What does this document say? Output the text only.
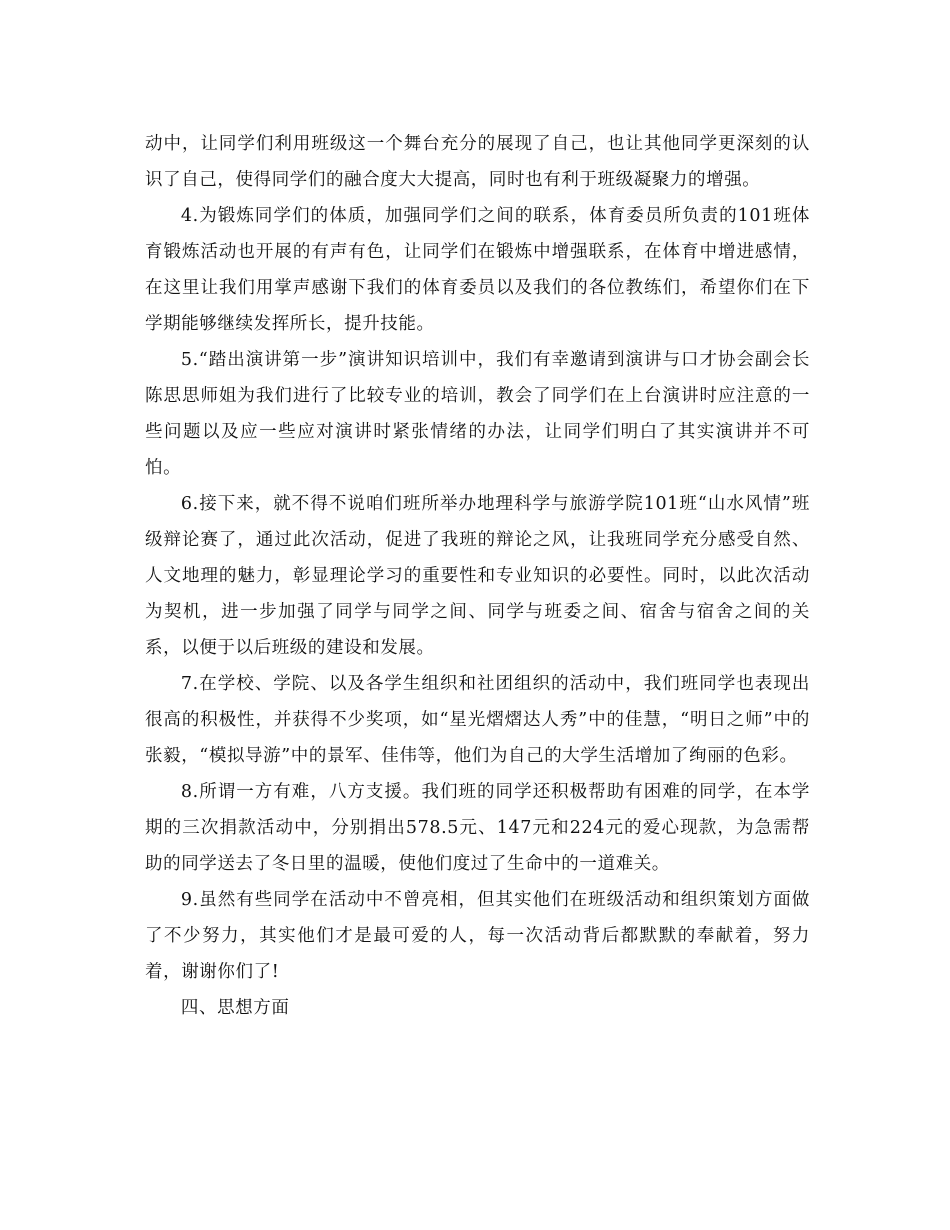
动中，让同学们利用班级这一个舞台充分的展现了自己，也让其他同学更深刻的认识了自己，使得同学们的融合度大大提高，同时也有利于班级凝聚力的增强。

4.为锻炼同学们的体质，加强同学们之间的联系，体育委员所负责的101班体育锻炼活动也开展的有声有色，让同学们在锻炼中增强联系，在体育中增进感情，在这里让我们用掌声感谢下我们的体育委员以及我们的各位教练们，希望你们在下学期能够继续发挥所长，提升技能。

5.“踏出演讲第一步”演讲知识培训中，我们有幸邀请到演讲与口才协会副会长陈思思师姐为我们进行了比较专业的培训，教会了同学们在上台演讲时应注意的一些问题以及应一些应对演讲时紧张情绪的办法，让同学们明白了其实演讲并不可怕。

6.接下来，就不得不说咱们班所举办地理科学与旅游学院101班“山水风情”班级辩论赛了，通过此次活动，促进了我班的辩论之风，让我班同学充分感受自然、人文地理的魅力，彰显理论学习的重要性和专业知识的必要性。同时，以此次活动为契机，进一步加强了同学与同学之间、同学与班委之间、宿舍与宿舍之间的关系，以便于以后班级的建设和发展。

7.在学校、学院、以及各学生组织和社团组织的活动中，我们班同学也表现出很高的积极性，并获得不少奖项，如“星光熠熠达人秀”中的佳慧，“明日之师”中的张毅，“模拟导游”中的景军、佳伟等，他们为自己的大学生活增加了绚丽的色彩。

8.所谓一方有难，八方支援。我们班的同学还积极帮助有困难的同学，在本学期的三次捐款活动中，分别捐出578.5元、147元和224元的爱心现款，为急需帮助的同学送去了冬日里的温暖，使他们度过了生命中的一道难关。

9.虽然有些同学在活动中不曾亮相，但其实他们在班级活动和组织策划方面做了不少努力，其实他们才是最可爱的人，每一次活动背后都默默的奉献着，努力着，谢谢你们了!

四、思想方面
